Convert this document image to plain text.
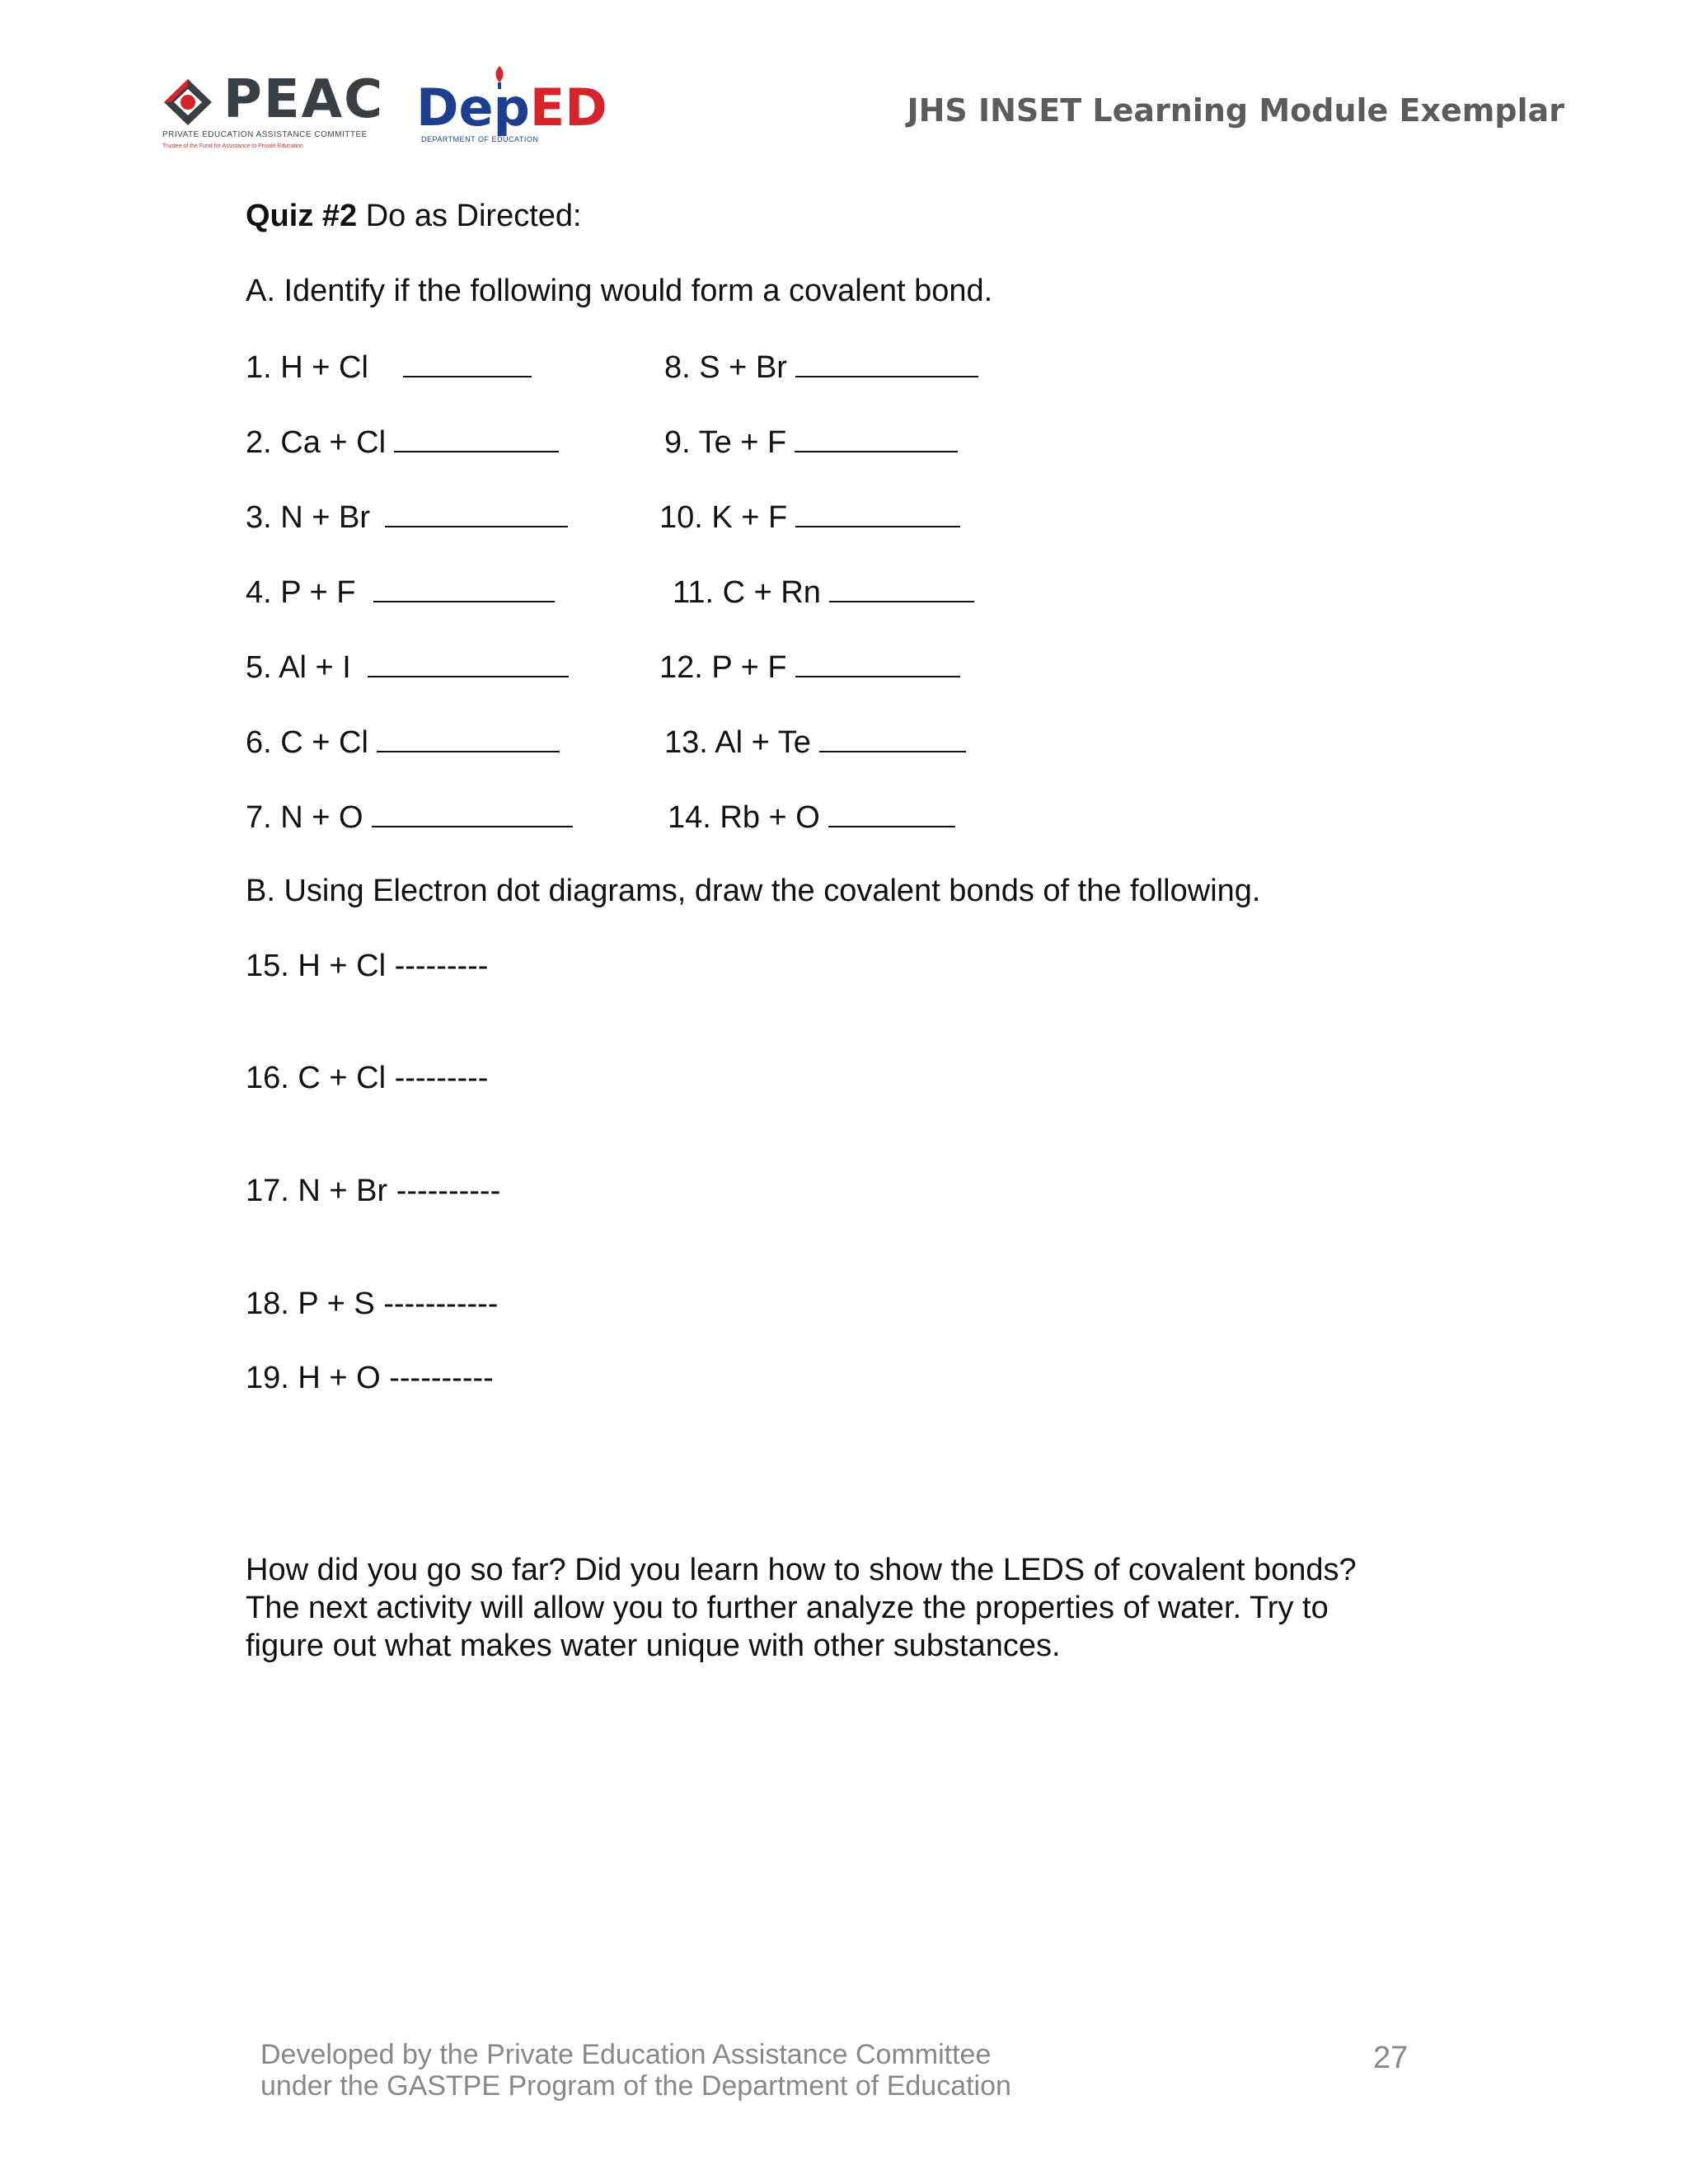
PEAC
PRIVATE EDUCATION ASSISTANCE COMMITTEE
Trustee of the Fund for Assistance to Private Education
DepED
DEPARTMENT OF EDUCATION
JHS INSET Learning Module Exemplar
Quiz #2 Do as Directed:
A. Identify if the following would form a covalent bond.
1. H + Cl
2. Ca + Cl
3. N + Br
4. P + F
5. Al + I
6. C + Cl
7. N + O
8. S + Br
9. Te + F
10. K + F
11. C + Rn
12. P + F
13. Al + Te
14. Rb + O
B. Using Electron dot diagrams, draw the covalent bonds of the following.
15. H + Cl ---------
16. C + Cl ---------
17. N + Br ----------
18. P + S -----------
19. H + O ----------

How did you go so far? Did you learn how to show the LEDS of covalent bonds?

The next activity will allow you to further analyze the properties of water. Try to

figure out what makes water unique with other substances.

Developed by the Private Education Assistance Committee

under the GASTPE Program of the Department of Education

27
